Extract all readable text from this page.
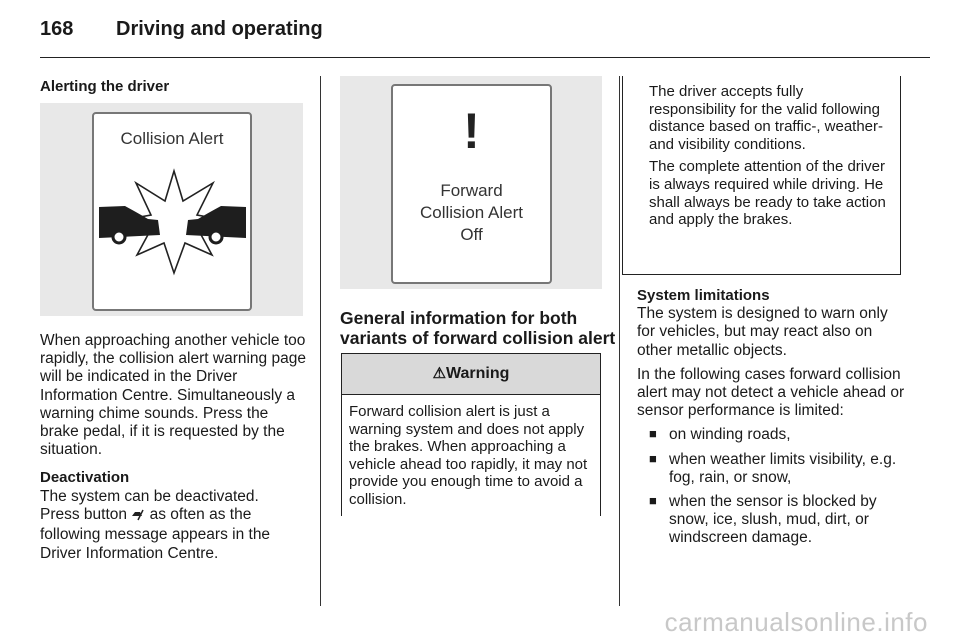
168 Driving and operating
Alerting the driver
Collision Alert

When approaching another vehicle too rapidly, the collision alert warning page will be indicated in the Driver Information Centre. Simultaneously a warning chime sounds. Press the brake pedal, if it is requested by the situation.

Deactivation

The system can be deactivated.
Press button  as often as the following message appears in the Driver Information Centre.

!
Forward
Collision Alert
Off
General information for both variants of forward collision alert
⚠Warning

Forward collision alert is just a warning system and does not apply the brakes. When approaching a vehicle ahead too rapidly, it may not provide you enough time to avoid a collision.

The driver accepts fully responsibility for the valid following distance based on traffic-, weather- and visibility conditions.

The complete attention of the driver is always required while driving. He shall always be ready to take action and apply the brakes.

System limitations

The system is designed to warn only for vehicles, but may react also on other metallic objects.

In the following cases forward collision alert may not detect a vehicle ahead or sensor performance is limited:

■ on winding roads,
■ when weather limits visibility, e.g. fog, rain, or snow,
■ when the sensor is blocked by snow, ice, slush, mud, dirt, or windscreen damage.
carmanualsonline.info
